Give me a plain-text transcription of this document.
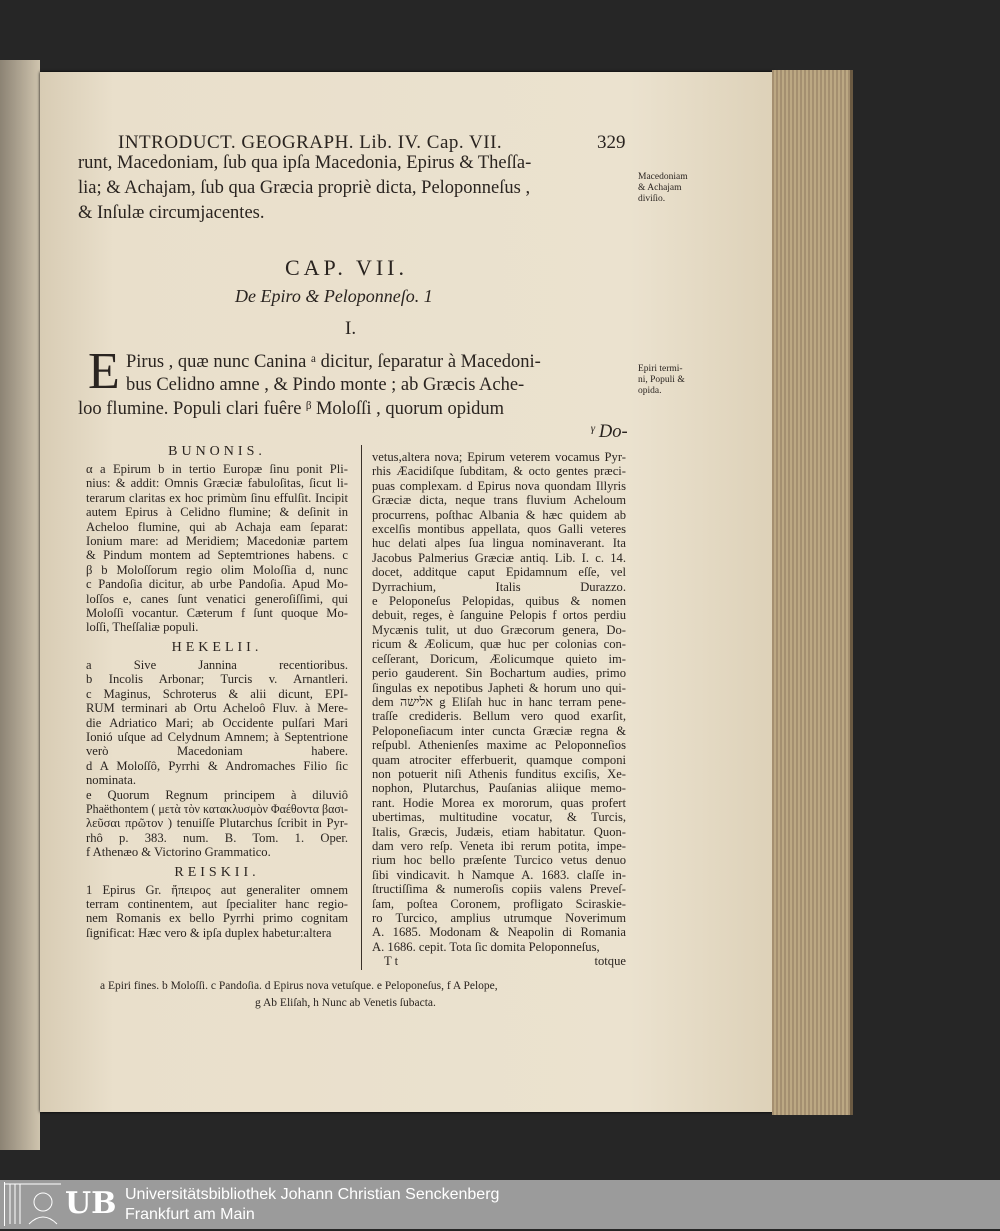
INTRODUCT. GEOGRAPH. Lib. IV. Cap. VII.	329
runt, Macedoniam, ſub qua ipſa Macedonia, Epirus & Theſſa-
lia; & Achajam, ſub qua Græcia propriè dicta, Peloponneſus ,
& Inſulæ circumjacentes.
Macedoniam
& Achajam
diviſio.
Epiri termi-
ni, Populi &
opida.
CAP. VII.
De Epiro & Peloponneſo. 1
I.
E Pirus , quæ nunc Canina ᵃ dicitur, ſeparatur à Macedoni-
bus Celidno amne , & Pindo monte ; ab Græcis Ache-
loo flumine. Populi clari fuêre ᵝ Moloſſi , quorum opidum
ᵞ Do-
BUNONIS.
α a Epirum b in tertio Europæ ſinu ponit Pli-
nius: & addit: Omnis Græciæ fabuloſitas, ſicut li-
terarum claritas ex hoc primùm ſinu effulſit. Incipit
autem Epirus à Celidno flumine; & deſinit in
Acheloo flumine, qui ab Achaja eam ſeparat:
Ionium mare: ad Meridiem; Macedoniæ partem
& Pindum montem ad Septemtriones habens. c
β b Moloſſorum regio olim Moloſſia d, nunc
c Pandoſia dicitur, ab urbe Pandoſia. Apud Mo-
loſſos e, canes ſunt venatici generoſiſſimi, qui
Moloſſi vocantur. Cæterum f ſunt quoque Mo-
loſſi, Theſſaliæ populi.
HEKELII.
a Sive Jannina recentioribus.
b Incolis Arbonar; Turcis v. Arnantleri.
c Maginus, Schroterus & alii dicunt, EPI-
RUM terminari ab Ortu Acheloô Fluv. à Mere-
die Adriatico Mari; ab Occidente pulſari Mari
Ionió uſque ad Celydnum Amnem; à Septentrione
verò Macedoniam habere.
d A Moloſſô, Pyrrhi & Andromaches Filio ſic
nominata.
e Quorum Regnum principem à diluviô
Phaëthontem ( μετὰ τὸν κατακλυσμὸν Φαέθοντα βασι-
λεῦσαι πρῶτον ) tenuiſſe Plutarchus ſcribit in Pyr-
rhô p. 383. num. B. Tom. 1. Oper.
f Athenæo & Victorino Grammatico.
REISKII.
1 Epirus Gr. ἤπειρος aut generaliter omnem
terram continentem, aut ſpecialiter hanc regio-
nem Romanis ex bello Pyrrhi primo cognitam
ſignificat: Hæc vero & ipſa duplex habetur:altera
vetus,altera nova; Epirum veterem vocamus Pyr-
rhis Æacidiſque ſubditam, & octo gentes præci-
puas complexam. d Epirus nova quondam Illyris
Græciæ dicta, neque trans fluvium Acheloum
procurrens, poſthac Albania & hæc quidem ab
excelſis montibus appellata, quos Galli veteres
huc delati alpes ſua lingua nominaverant. Ita
Jacobus Palmerius Græciæ antiq. Lib. I. c. 14.
docet, additque caput Epidamnum eſſe, vel
Dyrrachium, Italis Durazzo.
e Peloponeſus Pelopidas, quibus & nomen
debuit, reges, è ſanguine Pelopis f ortos perdiu
Mycænis tulit, ut duo Græcorum genera, Do-
ricum & Æolicum, quæ huc per colonias con-
ceſſerant, Doricum, Æolicumque quieto im-
perio gauderent. Sin Bochartum audies, primo
ſingulas ex nepotibus Japheti & horum uno qui-
dem אלישה g Eliſah huc in hanc terram pene-
traſſe credideris. Bellum vero quod exarſit,
Peloponeſiacum inter cuncta Græciæ regna &
reſpubl. Athenienſes maxime ac Peloponneſios
quam atrociter efferbuerit, quamque componi
non potuerit niſi Athenis funditus exciſis, Xe-
nophon, Plutarchus, Pauſanias aliique memo-
rant. Hodie Morea ex mororum, quas profert
ubertimas, multitudine vocatur, & Turcis,
Italis, Græcis, Judæis, etiam habitatur. Quon-
dam vero reſp. Veneta ibi rerum potita, impe-
rium hoc bello præſente Turcico vetus denuo
ſibi vindicavit. h Namque A. 1683. claſſe in-
ſtructiſſima & numeroſis copiis valens Preveſ-
ſam, poſtea Coronem, profligato Sciraskie-
ro Turcico, amplius utrumque Noverimum
A. 1685. Modonam & Neapolin di Romania
A. 1686. cepit. Tota ſic domita Peloponneſus,
T t	totque
a Epiri fines. b Moloſſi. c Pandoſia. d Epirus nova vetuſque. e Peloponeſus, f A Pelope,
g Ab Eliſah, h Nunc ab Venetis ſubacta.
UB Universitätsbibliothek Johann Christian Senckenberg
Frankfurt am Main
